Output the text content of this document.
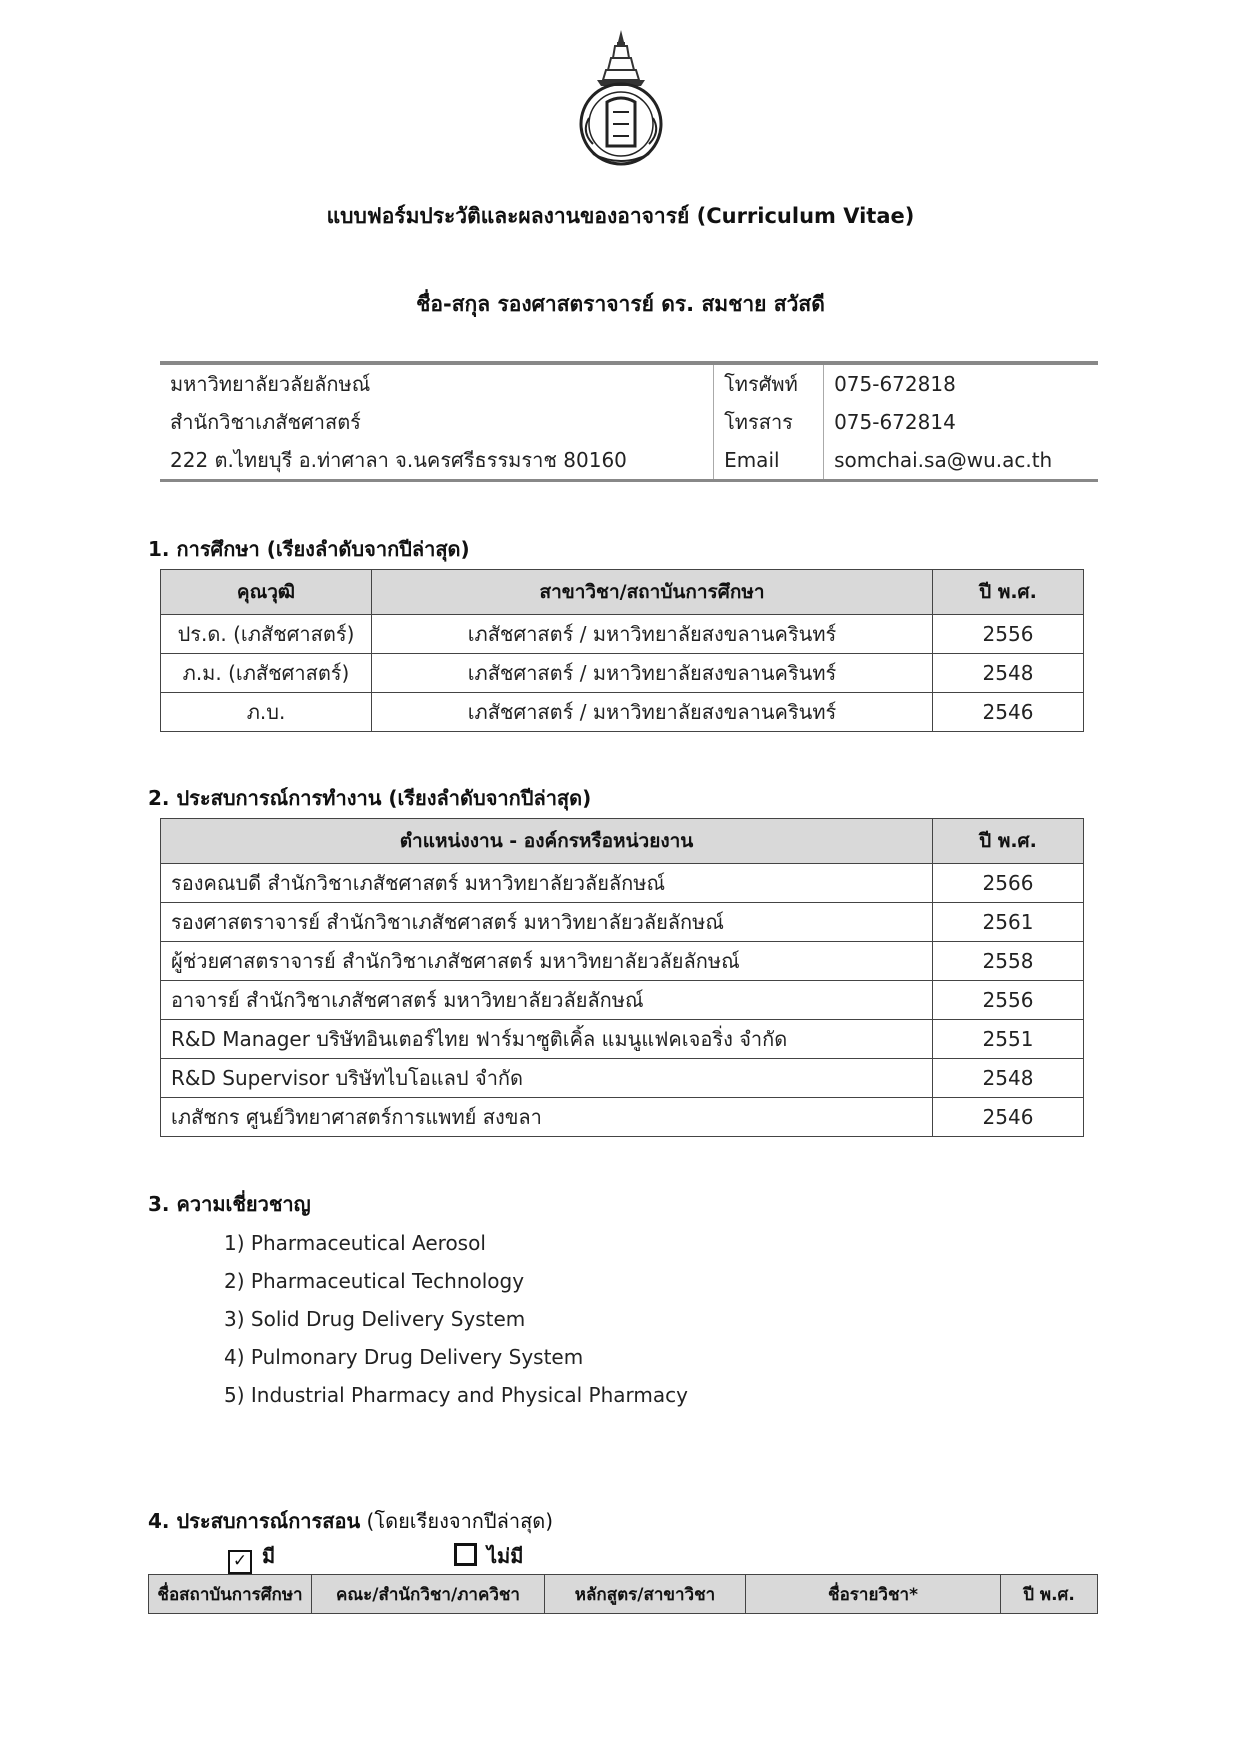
แบบฟอร์มประวัติและผลงานของอาจารย์ (Curriculum Vitae)
ชื่อ-สกุล รองศาสตราจารย์ ดร. สมชาย สวัสดี
มหาวิทยาลัยวลัยลักษณ์	โทรศัพท์	075-672818
สำนักวิชาเภสัชศาสตร์	โทรสาร	075-672814
222 ต.ไทยบุรี อ.ท่าศาลา จ.นครศรีธรรมราช 80160	Email	somchai.sa@wu.ac.th
1. การศึกษา (เรียงลำดับจากปีล่าสุด)
คุณวุฒิ	สาขาวิชา/สถาบันการศึกษา	ปี พ.ศ.
ปร.ด. (เภสัชศาสตร์)	เภสัชศาสตร์ / มหาวิทยาลัยสงขลานครินทร์	2556
ภ.ม. (เภสัชศาสตร์)	เภสัชศาสตร์ / มหาวิทยาลัยสงขลานครินทร์	2548
ภ.บ.	เภสัชศาสตร์ / มหาวิทยาลัยสงขลานครินทร์	2546
2. ประสบการณ์การทำงาน (เรียงลำดับจากปีล่าสุด)
ตำแหน่งงาน - องค์กรหรือหน่วยงาน	ปี พ.ศ.
รองคณบดี สำนักวิชาเภสัชศาสตร์ มหาวิทยาลัยวลัยลักษณ์	2566
รองศาสตราจารย์ สำนักวิชาเภสัชศาสตร์ มหาวิทยาลัยวลัยลักษณ์	2561
ผู้ช่วยศาสตราจารย์ สำนักวิชาเภสัชศาสตร์ มหาวิทยาลัยวลัยลักษณ์	2558
อาจารย์ สำนักวิชาเภสัชศาสตร์ มหาวิทยาลัยวลัยลักษณ์	2556
R&D Manager บริษัทอินเตอร์ไทย ฟาร์มาซูติเคิ้ล แมนูแฟคเจอริ่ง จำกัด	2551
R&D Supervisor บริษัทไบโอแลป จำกัด	2548
เภสัชกร ศูนย์วิทยาศาสตร์การแพทย์ สงขลา	2546
3. ความเชี่ยวชาญ
1) Pharmaceutical Aerosol
2) Pharmaceutical Technology
3) Solid Drug Delivery System
4) Pulmonary Drug Delivery System
5) Industrial Pharmacy and Physical Pharmacy
4. ประสบการณ์การสอน (โดยเรียงจากปีล่าสุด)
✓ มี	ไม่มี
ชื่อสถาบันการศึกษา	คณะ/สำนักวิชา/ภาควิชา	หลักสูตร/สาขาวิชา	ชื่อรายวิชา*	ปี พ.ศ.
